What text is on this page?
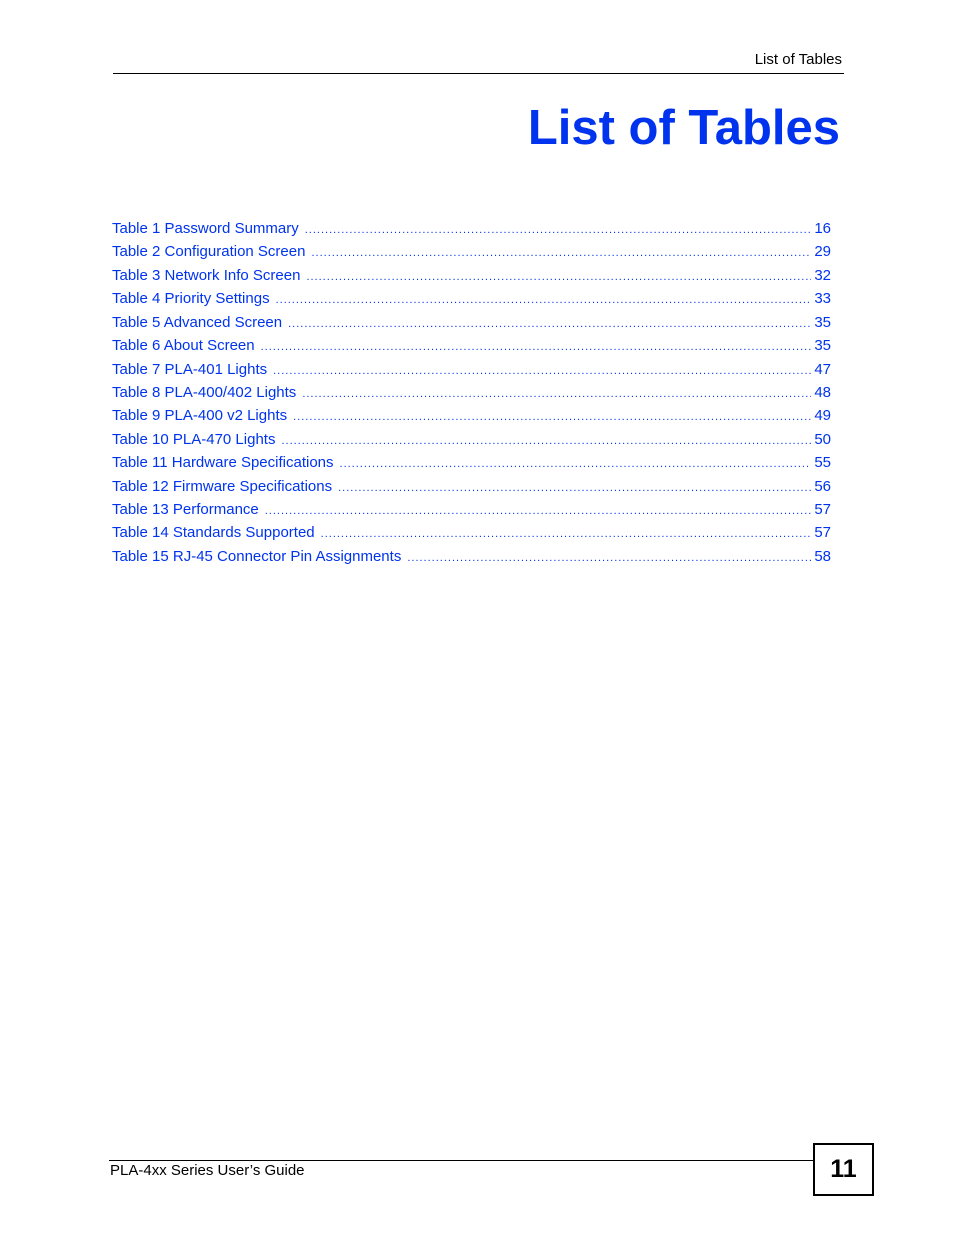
List of Tables
List of Tables
Table 1 Password Summary .....	16
Table 2 Configuration Screen .....	29
Table 3 Network Info Screen .....	32
Table 4 Priority Settings .....	33
Table 5 Advanced Screen .....	35
Table 6 About Screen .....	35
Table 7 PLA-401 Lights .....	47
Table 8 PLA-400/402 Lights .....	48
Table 9 PLA-400 v2 Lights .....	49
Table 10 PLA-470 Lights .....	50
Table 11 Hardware Specifications .....	55
Table 12 Firmware Specifications .....	56
Table 13 Performance .....	57
Table 14 Standards Supported .....	57
Table 15 RJ-45 Connector Pin Assignments .....	58
PLA-4xx Series User’s Guide	11
